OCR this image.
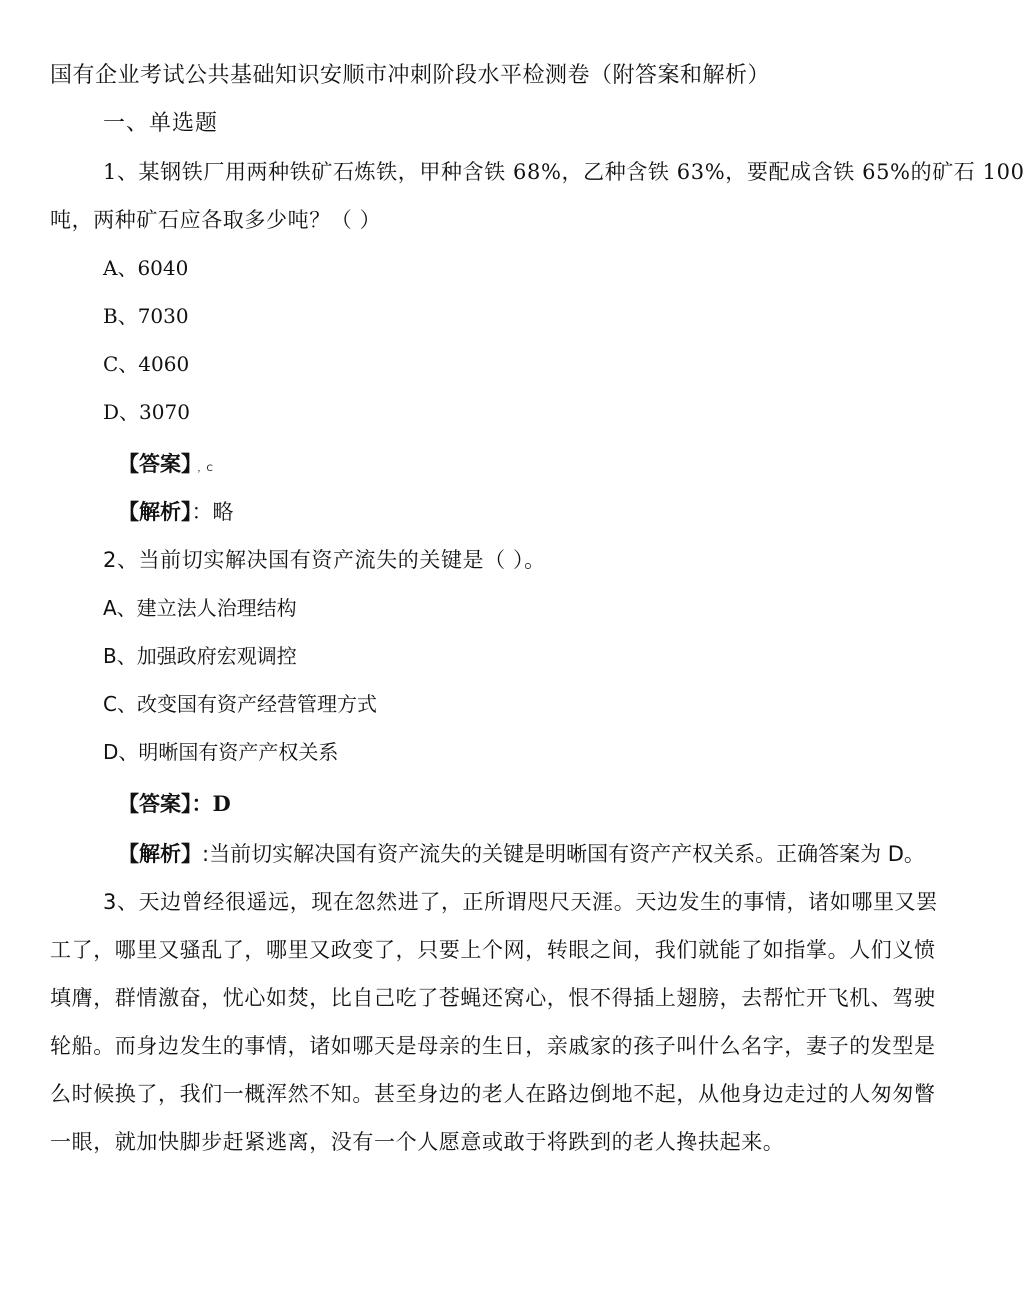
国有企业考试公共基础知识安顺市冲刺阶段水平检测卷（附答案和解析）
一、单选题
1、某钢铁厂用两种铁矿石炼铁，甲种含铁 68%，乙种含铁 63%，要配成含铁 65%的矿石 100
吨，两种矿石应各取多少吨？（ ）
A、6040
B、7030
C、4060
D、3070
【答案】 ，C
【解析】：略
2、当前切实解决国有资产流失的关键是（ ）。
A、建立法人治理结构
B、加强政府宏观调控
C、改变国有资产经营管理方式
D、明晰国有资产产权关系
【答案】：D
【解析】:当前切实解决国有资产流失的关键是明晰国有资产产权关系。正确答案为 D。
3、天边曾经很遥远，现在忽然进了，正所谓咫尺天涯。天边发生的事情，诸如哪里又罢
工了，哪里又骚乱了，哪里又政变了，只要上个网，转眼之间，我们就能了如指掌。人们义愤
填膺，群情激奋，忧心如焚，比自己吃了苍蝇还窝心，恨不得插上翅膀，去帮忙开飞机、驾驶
轮船。而身边发生的事情，诸如哪天是母亲的生日，亲戚家的孩子叫什么名字，妻子的发型是
么时候换了，我们一概浑然不知。甚至身边的老人在路边倒地不起，从他身边走过的人匆匆瞥
一眼，就加快脚步赶紧逃离，没有一个人愿意或敢于将跌到的老人搀扶起来。
